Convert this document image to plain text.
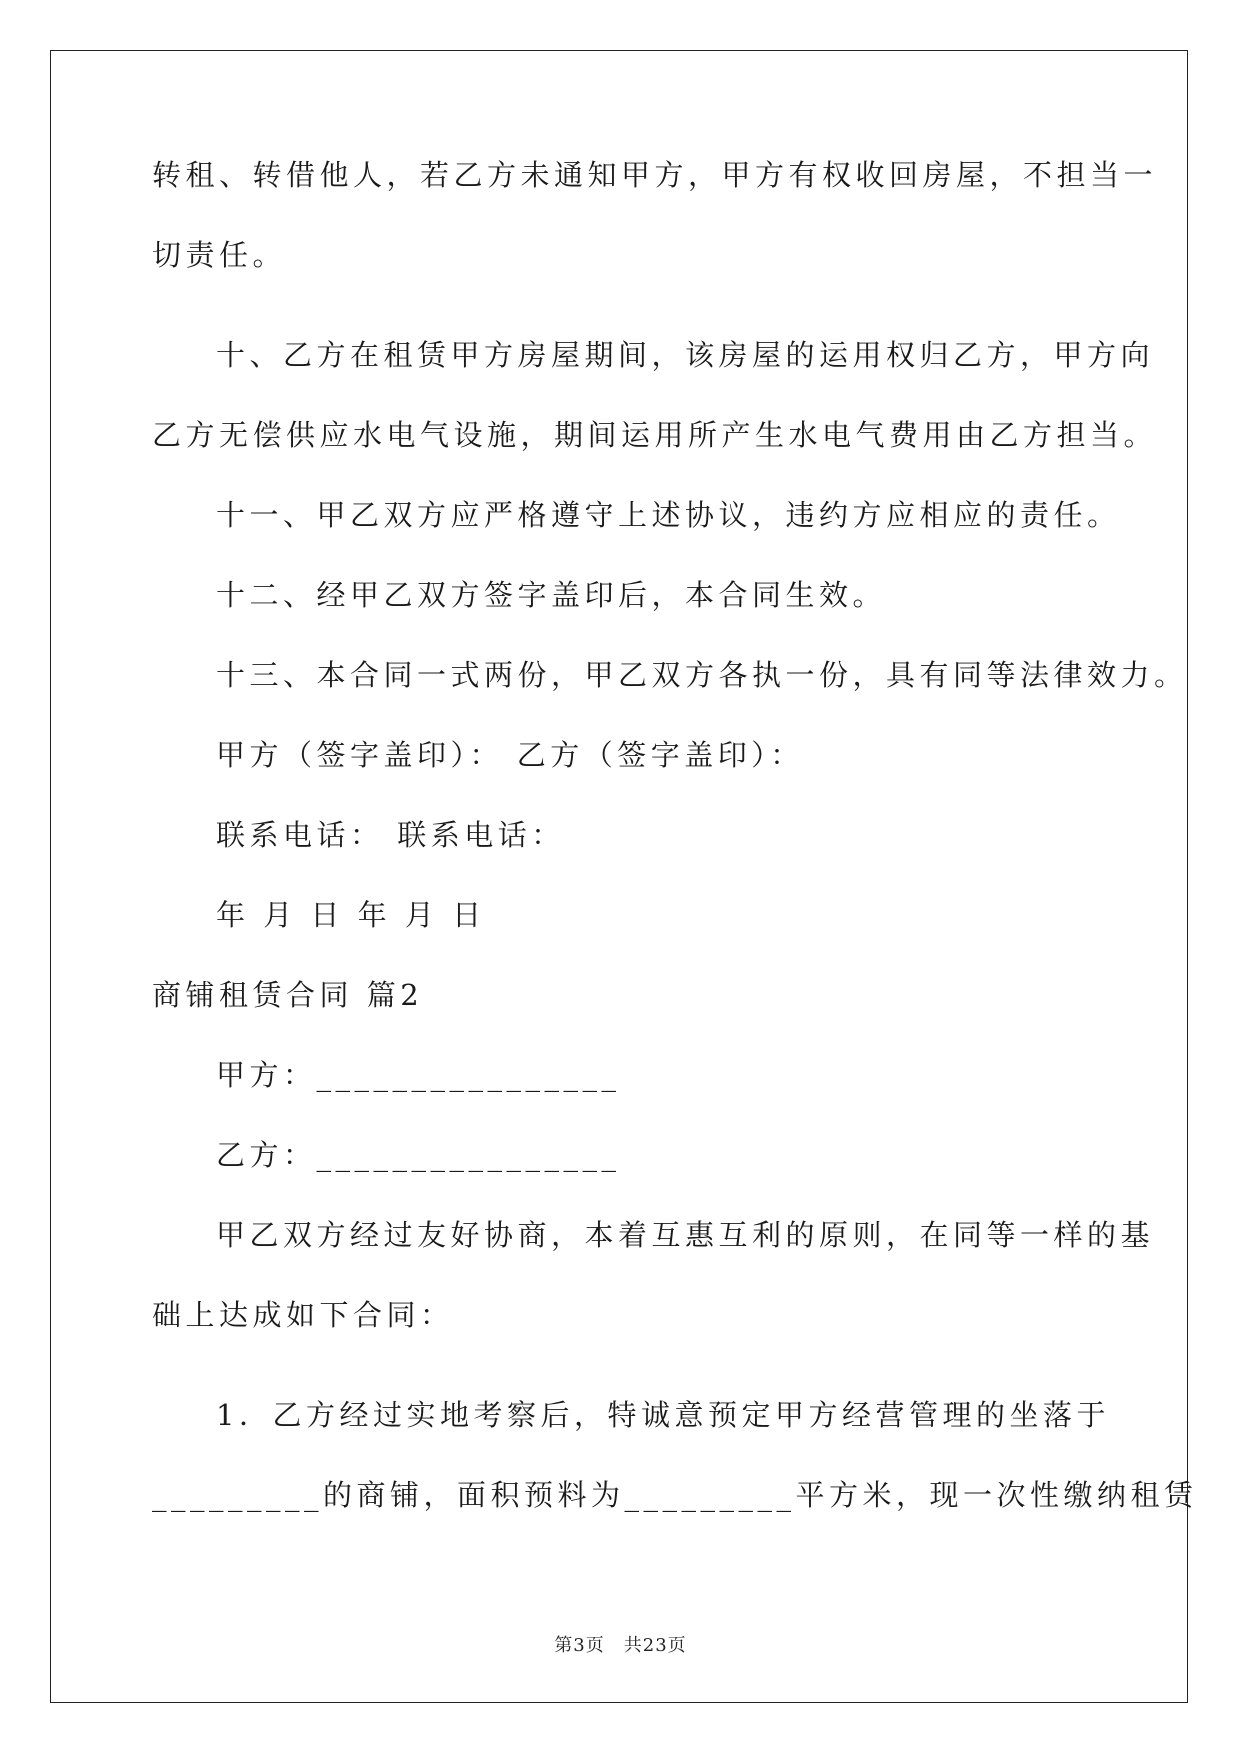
转租、转借他人，若乙方未通知甲方，甲方有权收回房屋，不担当一
切责任。
十、乙方在租赁甲方房屋期间，该房屋的运用权归乙方，甲方向
乙方无偿供应水电气设施，期间运用所产生水电气费用由乙方担当。
十一、甲乙双方应严格遵守上述协议，违约方应相应的责任。
十二、经甲乙双方签字盖印后，本合同生效。
十三、本合同一式两份，甲乙双方各执一份，具有同等法律效力。
甲方（签字盖印）： 乙方（签字盖印）：
联系电话： 联系电话：
年 月 日 年 月 日
商铺租赁合同 篇2
甲方：________________
乙方：________________
甲乙双方经过友好协商，本着互惠互利的原则，在同等一样的基
础上达成如下合同：
1．乙方经过实地考察后，特诚意预定甲方经营管理的坐落于
_________的商铺，面积预料为_________平方米，现一次性缴纳租赁
第3页　共23页
